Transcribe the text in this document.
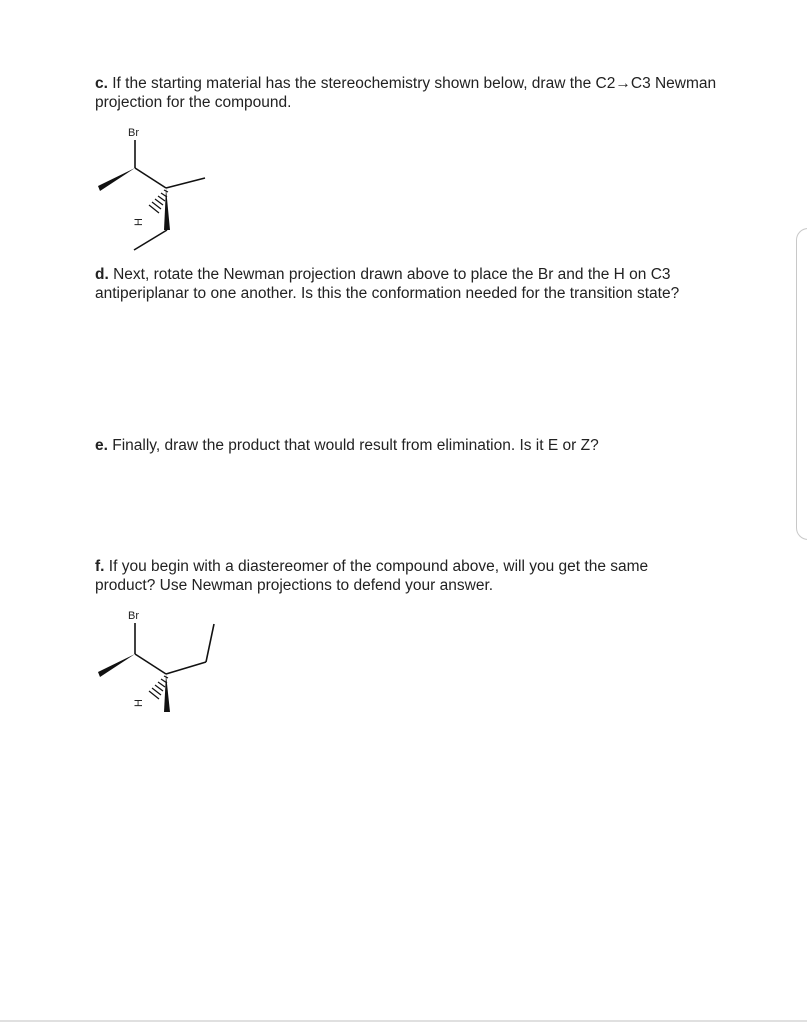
c. If the starting material has the stereochemistry shown below, draw the C2→C3 Newman projection for the compound.
Br
H
d. Next, rotate the Newman projection drawn above to place the Br and the H on C3 antiperiplanar to one another. Is this the conformation needed for the transition state?
e. Finally, draw the product that would result from elimination. Is it E or Z?
f. If you begin with a diastereomer of the compound above, will you get the same product? Use Newman projections to defend your answer.
Br
H
